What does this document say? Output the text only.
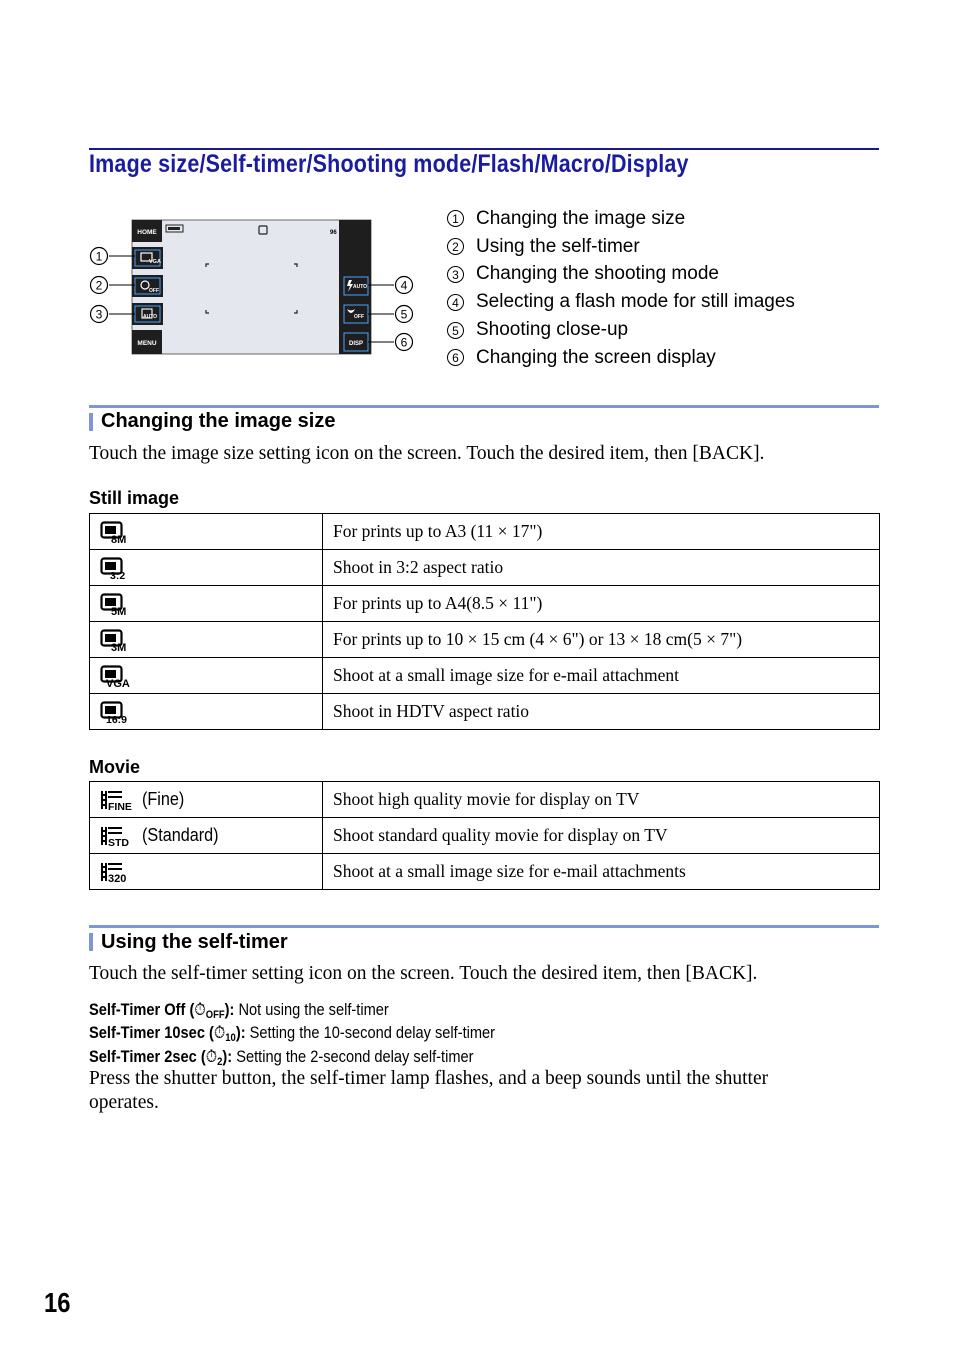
Image size/Self-timer/Shooting mode/Flash/Macro/Display
96
HOME
VGA
OFF
AUTO
MENU
AUTO
OFF
DISP
1
2
3
4
5
6
1 Changing the image size
2 Using the self-timer
3 Changing the shooting mode
4 Selecting a flash mode for still images
5 Shooting close-up
6 Changing the screen display
Changing the image size
Touch the image size setting icon on the screen. Touch the desired item, then [BACK].
Still image
8M	For prints up to A3 (11 × 17")

3:2	Shoot in 3:2 aspect ratio

5M	For prints up to A4(8.5 × 11")

3M	For prints up to 10 × 15 cm (4 × 6") or 13 × 18 cm(5 × 7")

VGA	Shoot at a small image size for e-mail attachment

16:9	Shoot in HDTV aspect ratio
Movie
FINE (Fine)	Shoot high quality movie for display on TV

STD (Standard)	Shoot standard quality movie for display on TV

320	Shoot at a small image size for e-mail attachments
Using the self-timer
Touch the self-timer setting icon on the screen. Touch the desired item, then [BACK].
Self-Timer Off (⏱OFF): Not using the self-timer
Self-Timer 10sec (⏱10): Setting the 10-second delay self-timer
Self-Timer 2sec (⏱2): Setting the 2-second delay self-timer
Press the shutter button, the self-timer lamp flashes, and a beep sounds until the shutter
operates.
16
